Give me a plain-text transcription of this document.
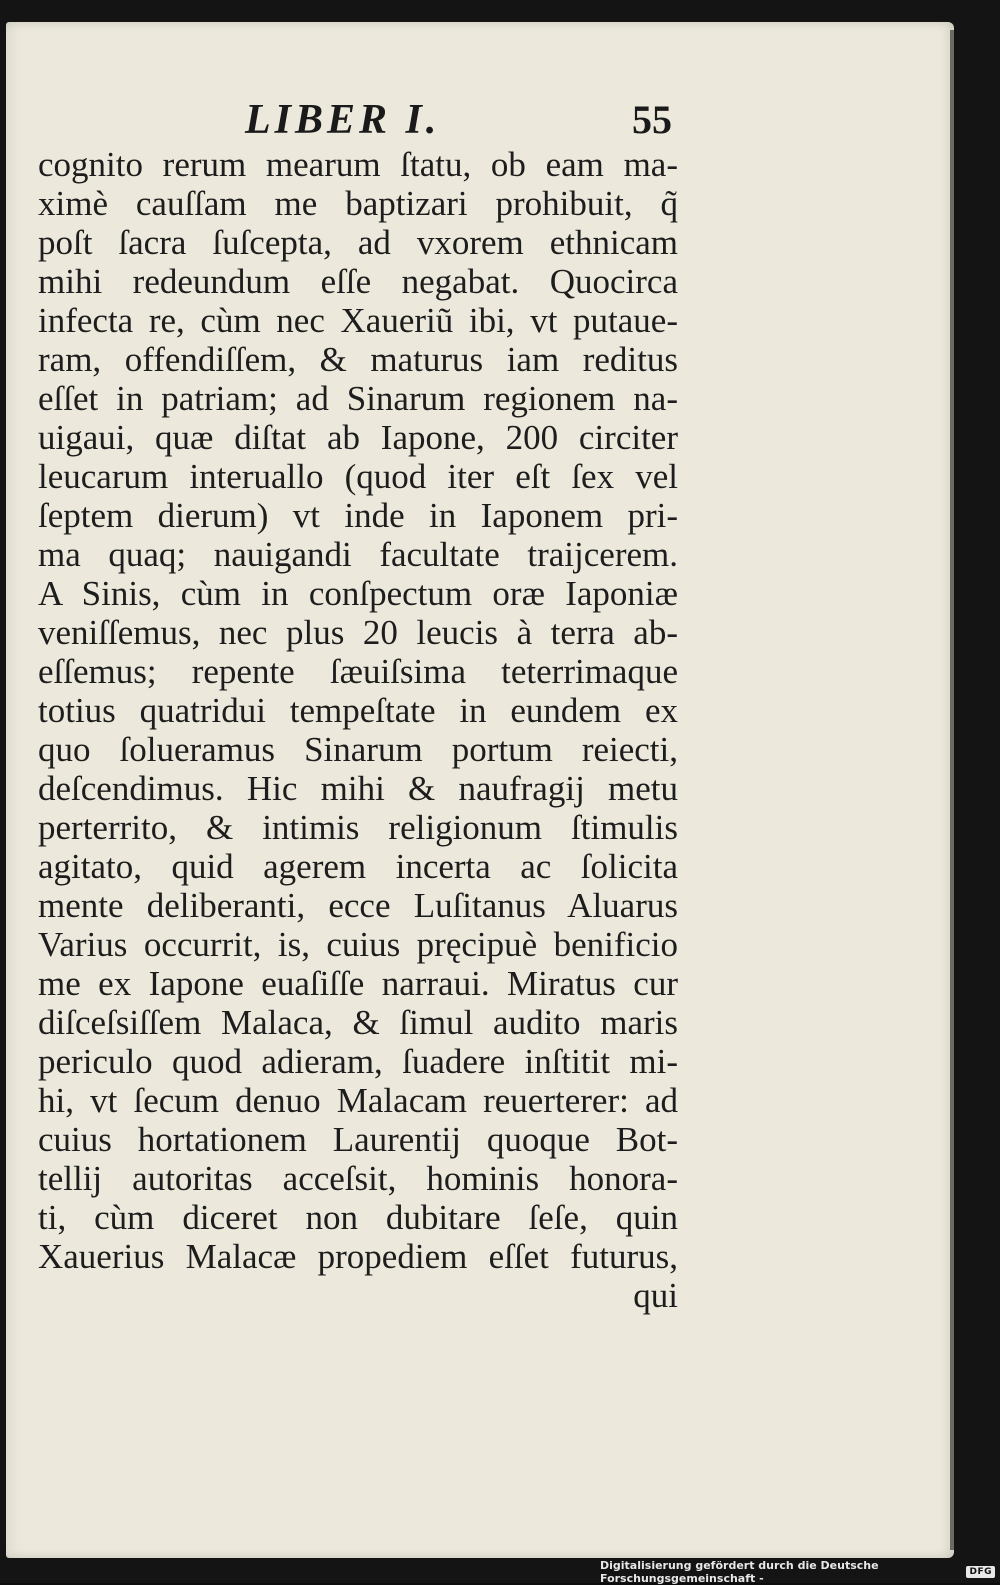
LIBER I.	55
cognito rerum mearum ſtatu, ob eam ma-
ximè cauſſam me baptizari prohibuit, q̃
poſt ſacra ſuſcepta, ad vxorem ethnicam
mihi redeundum eſſe negabat. Quocirca
infecta re, cùm nec Xaueriũ ibi, vt putaue-
ram, offendiſſem, & maturus iam reditus
eſſet in patriam; ad Sinarum regionem na-
uigaui, quæ diſtat ab Iapone, 200 circiter
leucarum interuallo (quod iter eſt ſex vel
ſeptem dierum) vt inde in Iaponem pri-
ma quaq; nauigandi facultate traijcerem.
A Sinis, cùm in conſpectum oræ Iaponiæ
veniſſemus, nec plus 20 leucis à terra ab-
eſſemus; repente ſæuiſsima teterrimaque
totius quatridui tempeſtate in eundem ex
quo ſolueramus Sinarum portum reiecti,
deſcendimus. Hic mihi & naufragij metu
perterrito, & intimis religionum ſtimulis
agitato, quid agerem incerta ac ſolicita
mente deliberanti, ecce Luſitanus Aluarus
Varius occurrit, is, cuius pręcipuè benificio
me ex Iapone euaſiſſe narraui. Miratus cur
diſceſsiſſem Malaca, & ſimul audito maris
periculo quod adieram, ſuadere inſtitit mi-
hi, vt ſecum denuo Malacam reuerterer: ad
cuius hortationem Laurentij quoque Bot-
tellij autoritas acceſsit, hominis honora-
ti, cùm diceret non dubitare ſeſe, quin
Xauerius Malacæ propediem eſſet futurus,
qui
Digitalisierung gefördert durch die Deutsche Forschungsgemeinschaft -	DFG
